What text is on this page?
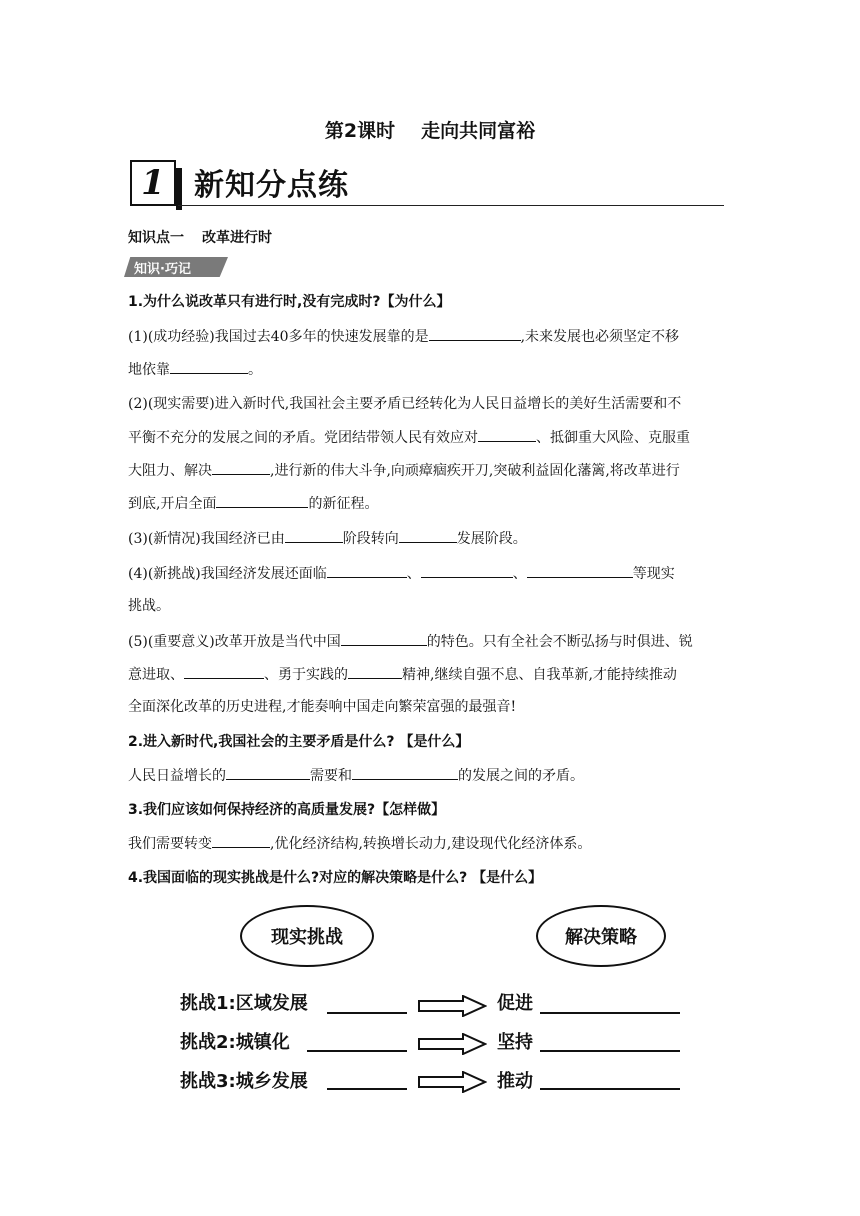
第2课时 走向共同富裕
1 新知分点练
知识点一 改革进行时
知识·巧记
1.为什么说改革只有进行时,没有完成时?【为什么】
(1)(成功经验)我国过去40多年的快速发展靠的是	,未来发展也必须坚定不移
地依靠	。
(2)(现实需要)进入新时代,我国社会主要矛盾已经转化为人民日益增长的美好生活需要和不
平衡不充分的发展之间的矛盾。党团结带领人民有效应对	、抵御重大风险、克服重
大阻力、解决	,进行新的伟大斗争,向顽瘴痼疾开刀,突破利益固化藩篱,将改革进行
到底,开启全面	的新征程。
(3)(新情况)我国经济已由	阶段转向	发展阶段。
(4)(新挑战)我国经济发展还面临	、	、	等现实
挑战。
(5)(重要意义)改革开放是当代中国	的特色。只有全社会不断弘扬与时俱进、锐
意进取、	、勇于实践的	精神,继续自强不息、自我革新,才能持续推动
全面深化改革的历史进程,才能奏响中国走向繁荣富强的最强音!
2.进入新时代,我国社会的主要矛盾是什么? 【是什么】
人民日益增长的	需要和	的发展之间的矛盾。
3.我们应该如何保持经济的高质量发展?【怎样做】
我们需要转变	,优化经济结构,转换增长动力,建设现代化经济体系。
4.我国面临的现实挑战是什么?对应的解决策略是什么? 【是什么】
现实挑战	解决策略
挑战1:区域发展	促进
挑战2:城镇化	坚持
挑战3:城乡发展	推动
